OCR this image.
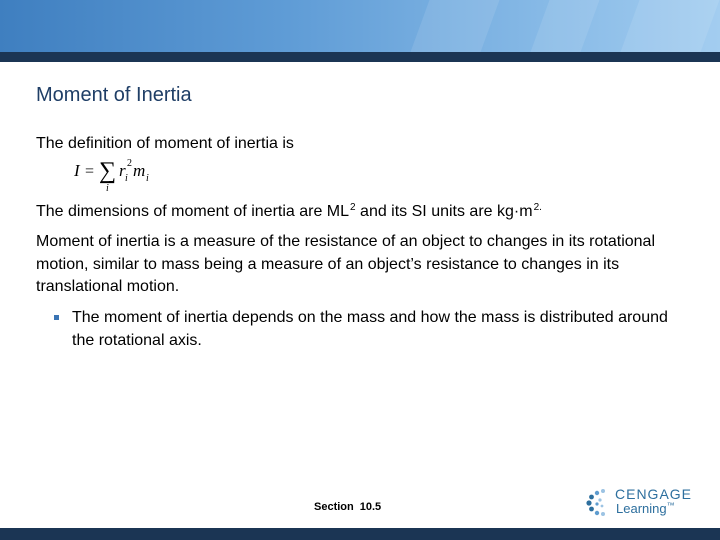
Moment of Inertia
The definition of moment of inertia is
I = ∑
i
r i
2 m i
The dimensions of moment of inertia are $ML^2$ and its SI units are $kg\cdot m^{2.}$
Moment of inertia is a measure of the resistance of an object to changes in its rotational motion, similar to mass being a measure of an object’s resistance to changes in its translational motion.
The moment of inertia depends on the mass and how the mass is distributed around the rotational axis.
Section 10.5
CENGAGE
Learning™
